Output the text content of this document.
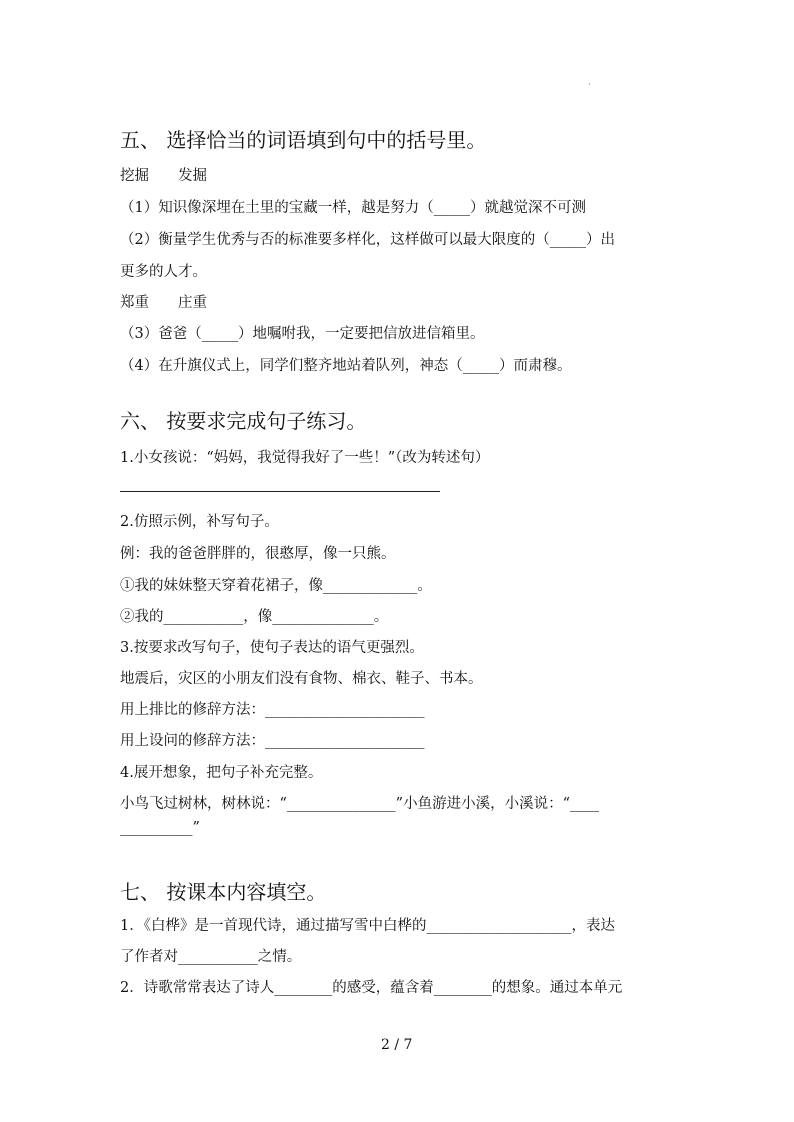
·
五、 选择恰当的词语填到句中的括号里。
挖掘　　发掘
（1）知识像深埋在土里的宝藏一样，越是努力（_____）就越觉深不可测
（2）衡量学生优秀与否的标准要多样化，这样做可以最大限度的（_____）出
更多的人才。
郑重　　庄重
（3）爸爸（_____）地嘱咐我，一定要把信放进信箱里。
（4）在升旗仪式上，同学们整齐地站着队列，神态（_____）而肃穆。
六、 按要求完成句子练习。
1.小女孩说：“妈妈，我觉得我好了一些！”（改为转述句）
2.仿照示例，补写句子。
例：我的爸爸胖胖的，很憨厚，像一只熊。
①我的妹妹整天穿着花裙子，像_____________。
②我的___________，像______________。
3.按要求改写句子，使句子表达的语气更强烈。
地震后，灾区的小朋友们没有食物、棉衣、鞋子、书本。
用上排比的修辞方法：______________________
用上设问的修辞方法：______________________
4.展开想象，把句子补充完整。
小鸟飞过树林，树林说：“_______________”小鱼游进小溪，小溪说：“____
__________”
七、 按课本内容填空。
1．《白桦》是一首现代诗，通过描写雪中白桦的____________________，表达
了作者对___________之情。
2．诗歌常常表达了诗人________的感受，蕴含着________的想象。通过本单元
2 / 7
